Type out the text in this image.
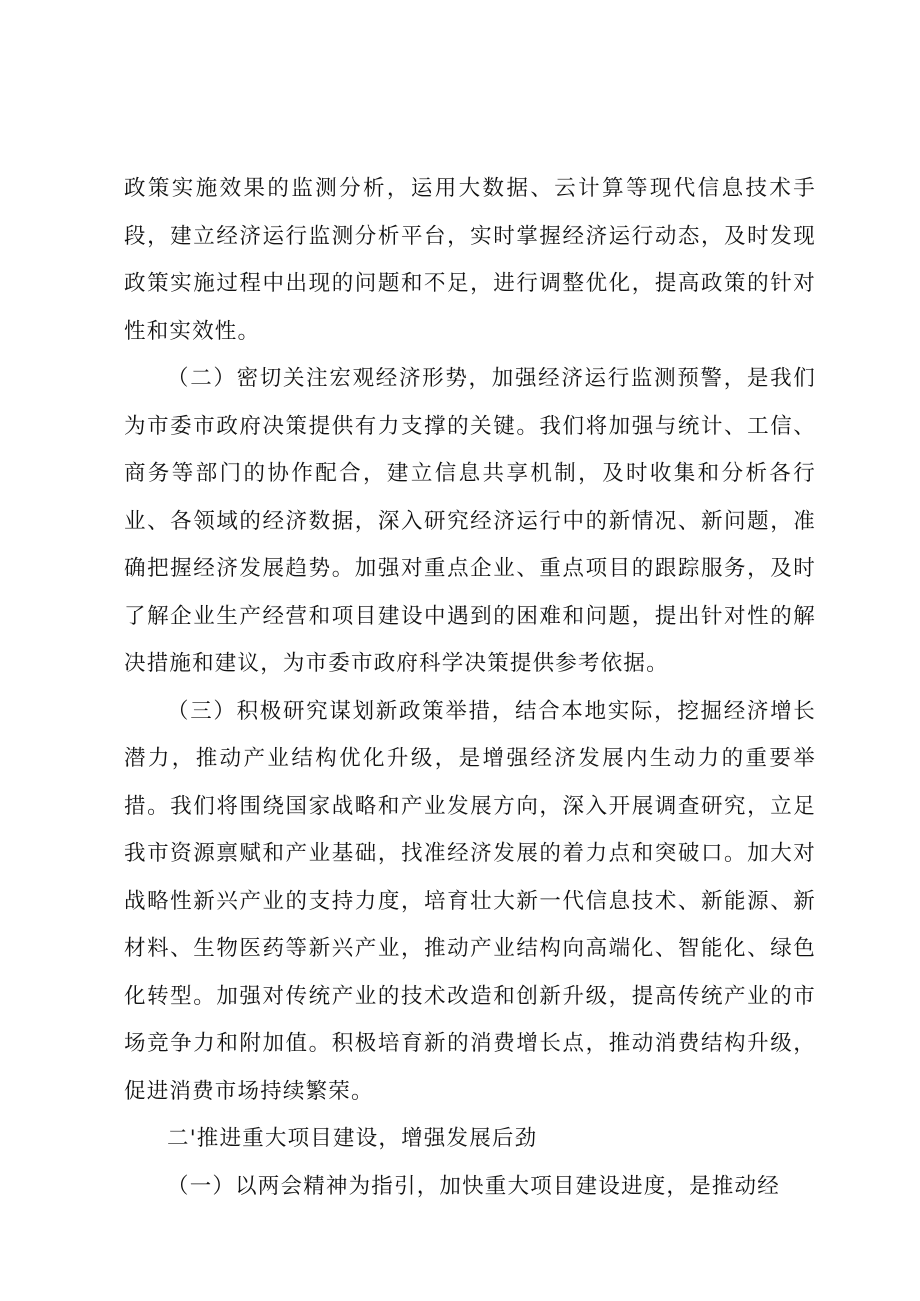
政策实施效果的监测分析，运用大数据、云计算等现代信息技术手段，建立经济运行监测分析平台，实时掌握经济运行动态，及时发现政策实施过程中出现的问题和不足，进行调整优化，提高政策的针对性和实效性。

（二）密切关注宏观经济形势，加强经济运行监测预警，是我们为市委市政府决策提供有力支撑的关键。我们将加强与统计、工信、商务等部门的协作配合，建立信息共享机制，及时收集和分析各行业、各领域的经济数据，深入研究经济运行中的新情况、新问题，准确把握经济发展趋势。加强对重点企业、重点项目的跟踪服务，及时了解企业生产经营和项目建设中遇到的困难和问题，提出针对性的解决措施和建议，为市委市政府科学决策提供参考依据。

（三）积极研究谋划新政策举措，结合本地实际，挖掘经济增长潜力，推动产业结构优化升级，是增强经济发展内生动力的重要举措。我们将围绕国家战略和产业发展方向，深入开展调查研究，立足我市资源禀赋和产业基础，找准经济发展的着力点和突破口。加大对战略性新兴产业的支持力度，培育壮大新一代信息技术、新能源、新材料、生物医药等新兴产业，推动产业结构向高端化、智能化、绿色化转型。加强对传统产业的技术改造和创新升级，提高传统产业的市场竞争力和附加值。积极培育新的消费增长点，推动消费结构升级，促进消费市场持续繁荣。

二'推进重大项目建设，增强发展后劲

（一）以两会精神为指引，加快重大项目建设进度，是推动经
